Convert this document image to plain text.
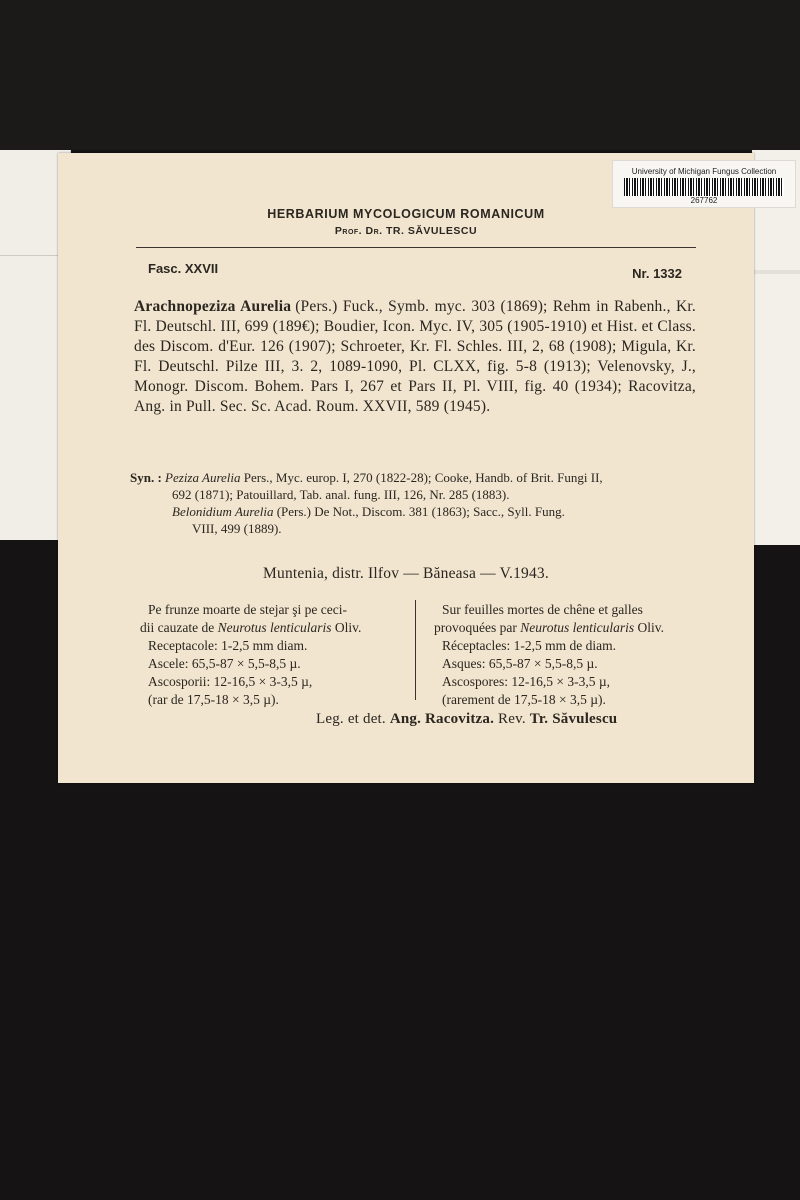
HERBARIUM MYCOLOGICUM ROMANICUM
Prof. Dr. TR. SĂVULESCU
Fasc. XXVII	Nr. 1332
Arachnopeziza Aurelia (Pers.) Fuck., Symb. myc. 303 (1869); Rehm in Rabenh., Kr. Fl. Deutschl. III, 699 (189€); Boudier, Icon. Myc. IV, 305 (1905-1910) et Hist. et Class. des Discom. d'Eur. 126 (1907); Schroeter, Kr. Fl. Schles. III, 2, 68 (1908); Migula, Kr. Fl. Deutschl. Pilze III, 3. 2, 1089-1090, Pl. CLXX, fig. 5-8 (1913); Velenovsky, J., Monogr. Discom. Bohem. Pars I, 267 et Pars II, Pl. VIII, fig. 40 (1934); Racovitza, Ang. in Pull. Sec. Sc. Acad. Roum. XXVII, 589 (1945).
Syn. : Peziza Aurelia Pers., Myc. europ. I, 270 (1822-28); Cooke, Handb. of Brit. Fungi II,
692 (1871); Patouillard, Tab. anal. fung. III, 126, Nr. 285 (1883).
Belonidium Aurelia (Pers.) De Not., Discom. 381 (1863); Sacc., Syll. Fung.
VIII, 499 (1889).
Muntenia, distr. Ilfov — Băneasa — V.1943.
Pe frunze moarte de stejar şi pe ceci-
dii cauzate de Neurotus lenticularis Oliv.
Receptacole: 1-2,5 mm diam.
Ascele: 65,5-87 × 5,5-8,5 µ.
Ascosporii: 12-16,5 × 3-3,5 µ,
(rar de 17,5-18 × 3,5 µ).
Sur feuilles mortes de chêne et galles
provoquées par Neurotus lenticularis Oliv.
Réceptacles: 1-2,5 mm de diam.
Asques: 65,5-87 × 5,5-8,5 µ.
Ascospores: 12-16,5 × 3-3,5 µ,
(rarement de 17,5-18 × 3,5 µ).
Leg. et det. Ang. Racovitza. Rev. Tr. Săvulescu
University of Michigan Fungus Collection
267762
